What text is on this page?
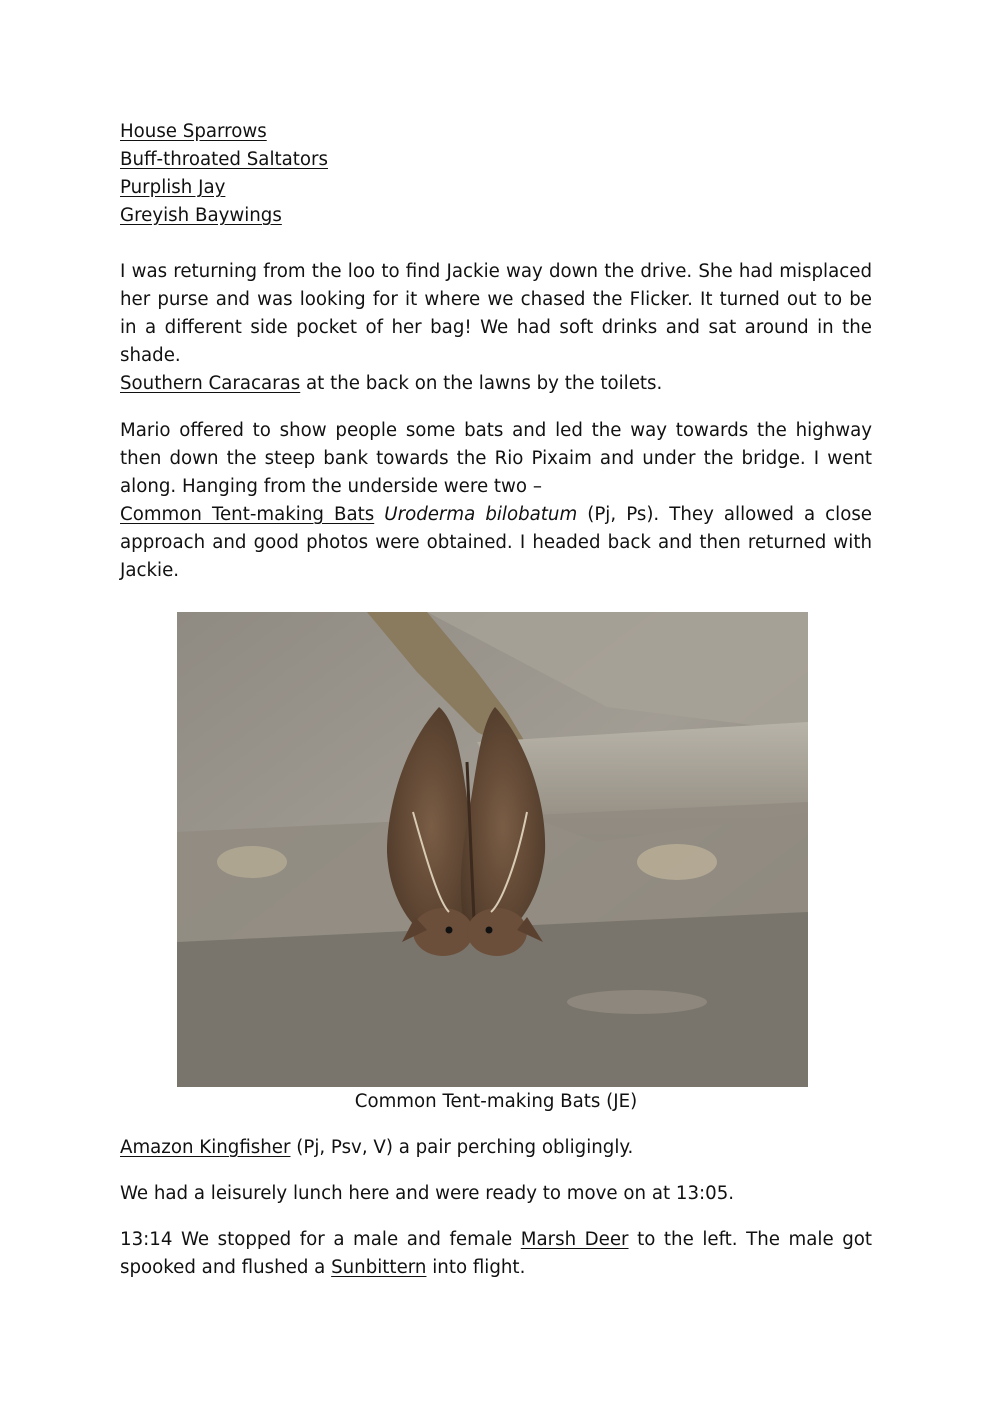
House Sparrows
Buff-throated Saltators
Purplish Jay
Greyish Baywings

I was returning from the loo to find Jackie way down the drive. She had misplaced her purse and was looking for it where we chased the Flicker. It turned out to be in a different side pocket of her bag! We had soft drinks and sat around in the shade.

Southern Caracaras at the back on the lawns by the toilets.

Mario offered to show people some bats and led the way towards the highway then down the steep bank towards the Rio Pixaim and under the bridge. I went along. Hanging from the underside were two –

Common Tent-making Bats Uroderma bilobatum (Pj, Ps). They allowed a close approach and good photos were obtained. I headed back and then returned with Jackie.

Common Tent-making Bats (JE)

Amazon Kingfisher (Pj, Psv, V) a pair perching obligingly.

We had a leisurely lunch here and were ready to move on at 13:05.

13:14 We stopped for a male and female Marsh Deer to the left. The male got spooked and flushed a Sunbittern into flight.
